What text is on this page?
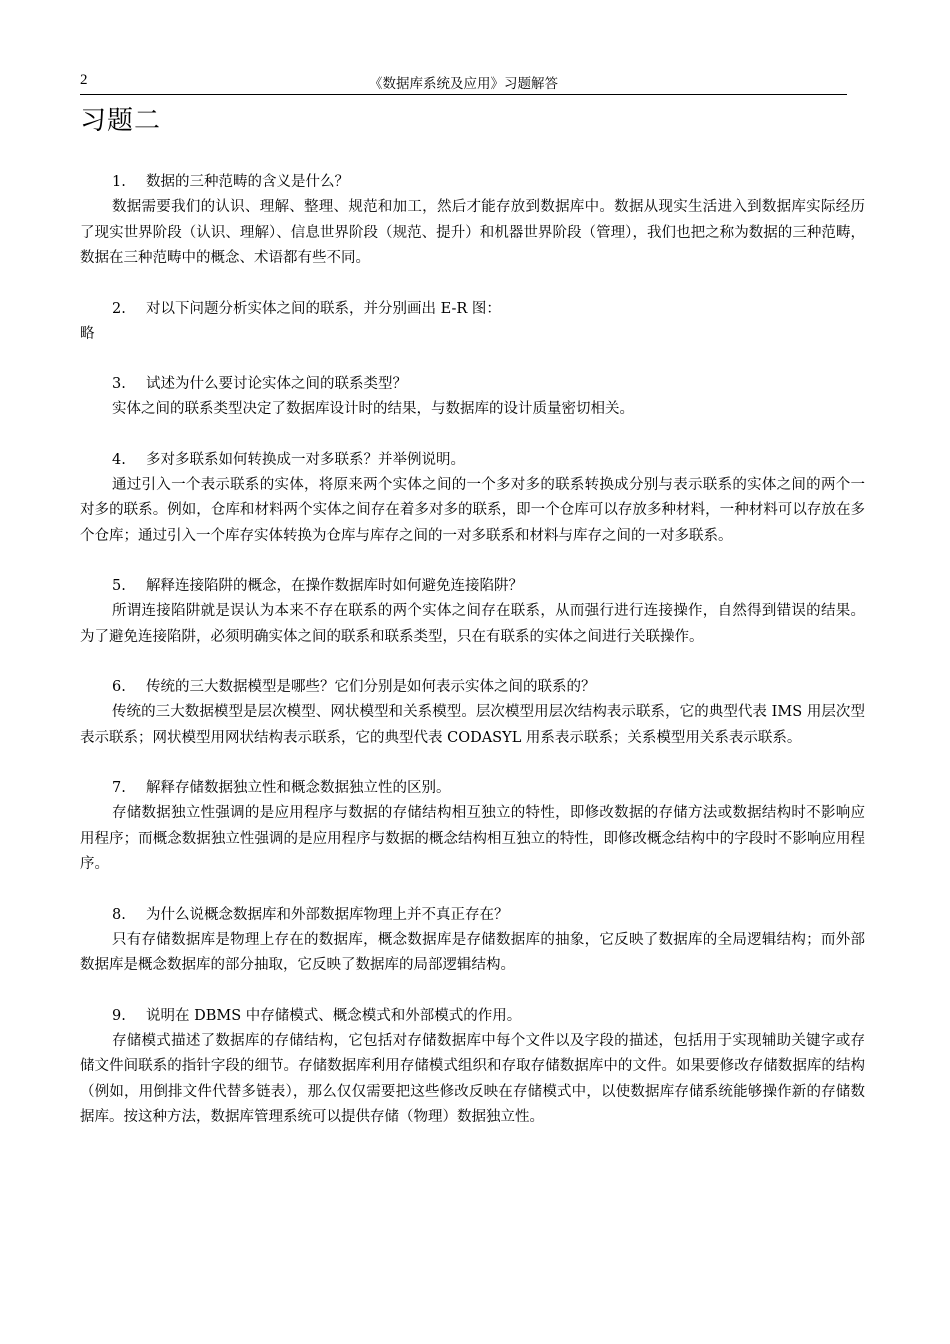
2	《数据库系统及应用》习题解答
习题二

1. 数据的三种范畴的含义是什么？

数据需要我们的认识、理解、整理、规范和加工，然后才能存放到数据库中。数据从现实生活进入到数据库实际经历了现实世界阶段（认识、理解）、信息世界阶段（规范、提升）和机器世界阶段（管理），我们也把之称为数据的三种范畴，数据在三种范畴中的概念、术语都有些不同。

2. 对以下问题分析实体之间的联系，并分别画出 E-R 图：

略

3. 试述为什么要讨论实体之间的联系类型？

实体之间的联系类型决定了数据库设计时的结果，与数据库的设计质量密切相关。

4. 多对多联系如何转换成一对多联系？并举例说明。

通过引入一个表示联系的实体，将原来两个实体之间的一个多对多的联系转换成分别与表示联系的实体之间的两个一对多的联系。例如，仓库和材料两个实体之间存在着多对多的联系，即一个仓库可以存放多种材料，一种材料可以存放在多个仓库；通过引入一个库存实体转换为仓库与库存之间的一对多联系和材料与库存之间的一对多联系。

5. 解释连接陷阱的概念，在操作数据库时如何避免连接陷阱？

所谓连接陷阱就是误认为本来不存在联系的两个实体之间存在联系，从而强行进行连接操作，自然得到错误的结果。为了避免连接陷阱，必须明确实体之间的联系和联系类型，只在有联系的实体之间进行关联操作。

6. 传统的三大数据模型是哪些？它们分别是如何表示实体之间的联系的？

传统的三大数据模型是层次模型、网状模型和关系模型。层次模型用层次结构表示联系，它的典型代表 IMS 用层次型表示联系；网状模型用网状结构表示联系，它的典型代表 CODASYL 用系表示联系；关系模型用关系表示联系。

7. 解释存储数据独立性和概念数据独立性的区别。

存储数据独立性强调的是应用程序与数据的存储结构相互独立的特性，即修改数据的存储方法或数据结构时不影响应用程序；而概念数据独立性强调的是应用程序与数据的概念结构相互独立的特性，即修改概念结构中的字段时不影响应用程序。

8. 为什么说概念数据库和外部数据库物理上并不真正存在？

只有存储数据库是物理上存在的数据库，概念数据库是存储数据库的抽象，它反映了数据库的全局逻辑结构；而外部数据库是概念数据库的部分抽取，它反映了数据库的局部逻辑结构。

9. 说明在 DBMS 中存储模式、概念模式和外部模式的作用。

存储模式描述了数据库的存储结构，它包括对存储数据库中每个文件以及字段的描述，包括用于实现辅助关键字或存储文件间联系的指针字段的细节。存储数据库利用存储模式组织和存取存储数据库中的文件。如果要修改存储数据库的结构（例如，用倒排文件代替多链表），那么仅仅需要把这些修改反映在存储模式中，以使数据库存储系统能够操作新的存储数据库。按这种方法，数据库管理系统可以提供存储（物理）数据独立性。
